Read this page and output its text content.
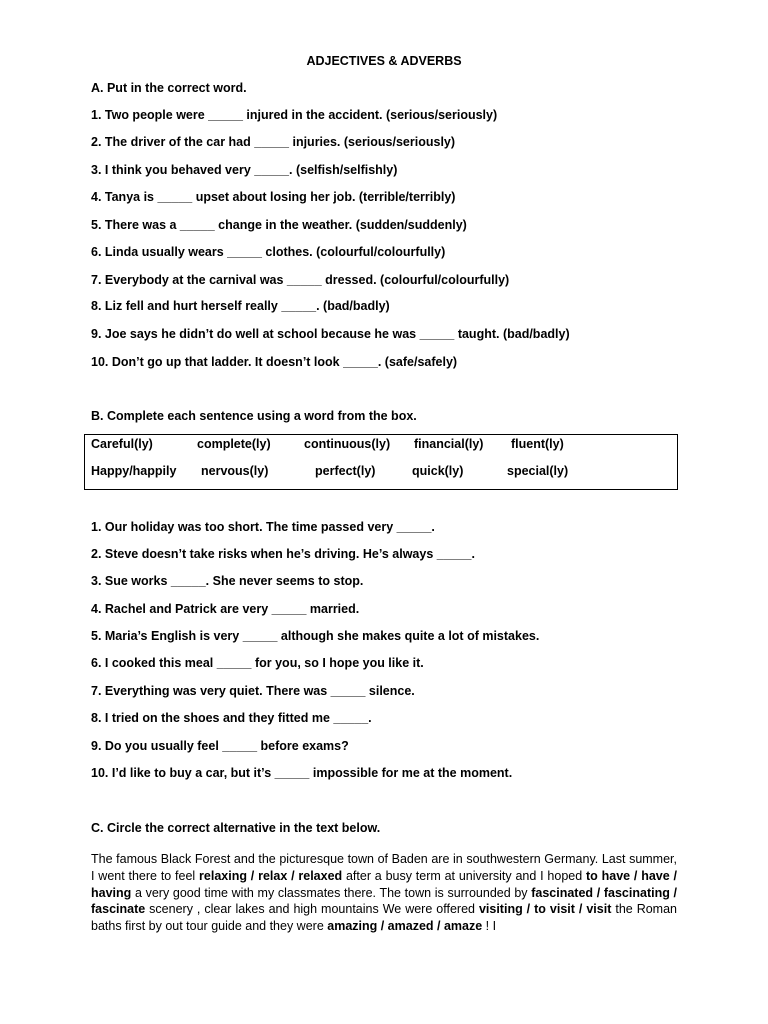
ADJECTIVES & ADVERBS
A. Put in the correct word.
1. Two people were _____ injured in the accident. (serious/seriously)
2. The driver of the car had _____ injuries. (serious/seriously)
3. I think you behaved very _____. (selfish/selfishly)
4. Tanya is _____ upset about losing her job. (terrible/terribly)
5. There was a _____ change in the weather. (sudden/suddenly)
6. Linda usually wears _____ clothes. (colourful/colourfully)
7. Everybody at the carnival was _____ dressed. (colourful/colourfully)
8. Liz fell and hurt herself really _____. (bad/badly)
9. Joe says he didn’t do well at school because he was _____ taught. (bad/badly)
10. Don’t go up that ladder. It doesn’t look _____. (safe/safely)
B. Complete each sentence using a word from the box.
Careful(ly)	complete(ly)	continuous(ly) financial(ly) fluent(ly)
Happy/happily nervous(ly)	perfect(ly)	quick(ly)	special(ly)
1. Our holiday was too short. The time passed very _____.
2. Steve doesn’t take risks when he’s driving. He’s always _____.
3. Sue works _____. She never seems to stop.
4. Rachel and Patrick are very _____ married.
5. Maria’s English is very _____ although she makes quite a lot of mistakes.
6. I cooked this meal _____ for you, so I hope you like it.
7. Everything was very quiet. There was _____ silence.
8. I tried on the shoes and they fitted me _____.
9. Do you usually feel _____ before exams?
10. I’d like to buy a car, but it’s _____ impossible for me at the moment.
C. Circle the correct alternative in the text below.
The famous Black Forest and the picturesque town of Baden are in southwestern Germany. Last summer, I went there to feel relaxing / relax / relaxed after a busy term at university and I hoped to have / have / having a very good time with my classmates there. The town is surrounded by fascinated / fascinating / fascinate scenery , clear lakes and high mountains We were offered visiting / to visit / visit the Roman baths first by out tour guide and they were amazing / amazed / amaze ! I
